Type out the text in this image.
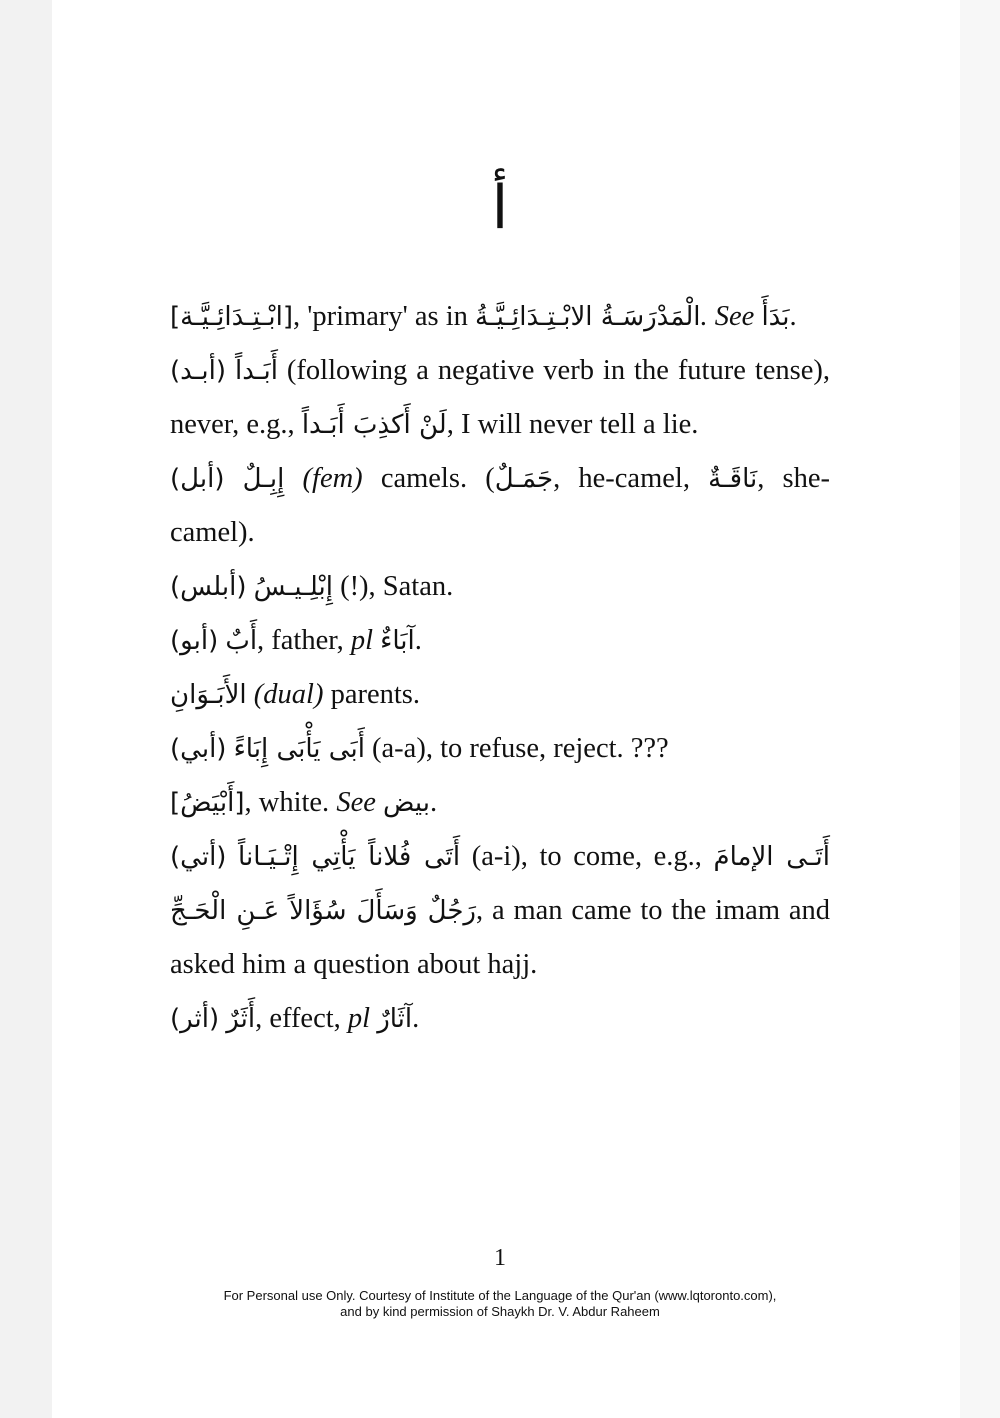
أ
[ابْـتِـدَائِـيَّـة], 'primary' as in الْمَدْرَسَـةُ الابْـتِـدَائِـيَّـةُ. See بَدَأَ.
(أبـد) أَبَـداً (following a negative verb in the future tense), never, e.g., لَنْ أَكذِبَ أَبَـداً, I will never tell a lie.
(أبل) إِبِـلٌ (fem) camels. (جَمَـلٌ, he-camel, نَاقَـةٌ, she-camel).
(أبلس) إِبْلِـيـسُ (!), Satan.
(أبو) أَبٌ, father, pl آبَاءٌ.
الأَبَـوَانِ (dual) parents.
(أبي) أَبَى يَأْبَى إِبَاءً (a-a), to refuse, reject. ???
[أَبْيَضُ], white. See بيض.
(أتي) أَتَى فُلاناً يَأْتِي إِتْـيَـاناً (a-i), to come, e.g., أَتَـى الإمامَ رَجُلٌ وَسَأَلَ سُؤَالاً عَـنِ الْحَـجِّ, a man came to the imam and asked him a question about hajj.
(أثر) أَثَرٌ, effect, pl آثَارٌ.
1
For Personal use Only. Courtesy of Institute of the Language of the Qur'an (www.lqtoronto.com),
and by kind permission of Shaykh Dr. V. Abdur Raheem
